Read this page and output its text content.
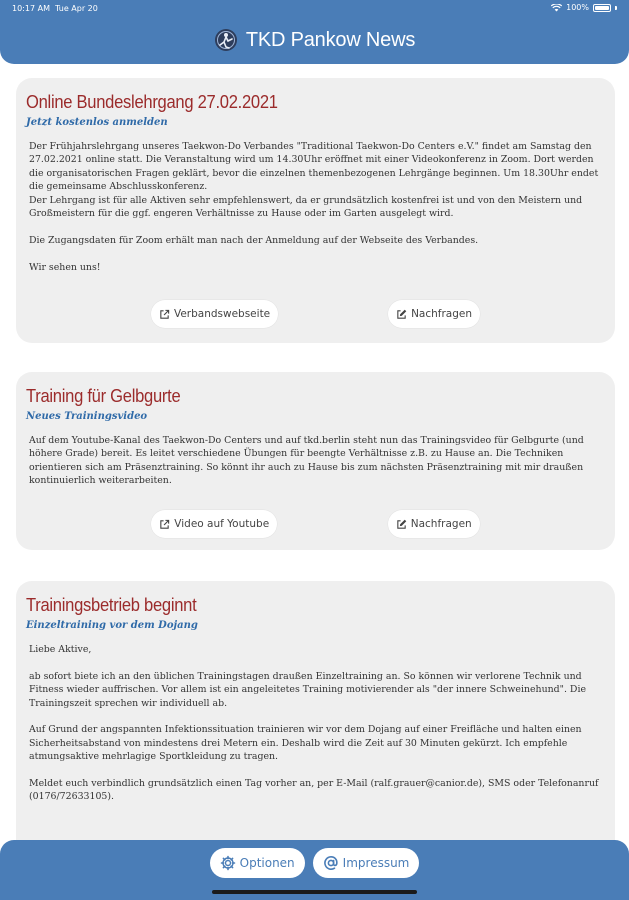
10:17 AM Tue Apr 20	100%
TKD Pankow News
Online Bundeslehrgang 27.02.2021
Jetzt kostenlos anmelden

Der Frühjahrslehrgang unseres Taekwon-Do Verbandes "Traditional Taekwon-Do Centers e.V." findet am Samstag den 27.02.2021 online statt. Die Veranstaltung wird um 14.30Uhr eröffnet mit einer Videokonferenz in Zoom. Dort werden die organisatorischen Fragen geklärt, bevor die einzelnen themenbezogenen Lehrgänge beginnen. Um 18.30Uhr endet die gemeinsame Abschlusskonferenz.
Der Lehrgang ist für alle Aktiven sehr empfehlenswert, da er grundsätzlich kostenfrei ist und von den Meistern und Großmeistern für die ggf. engeren Verhältnisse zu Hause oder im Garten ausgelegt wird.

Die Zugangsdaten für Zoom erhält man nach der Anmeldung auf der Webseite des Verbandes.

Wir sehen uns!

Verbandswebseite	Nachfragen
Training für Gelbgurte
Neues Trainingsvideo

Auf dem Youtube-Kanal des Taekwon-Do Centers und auf tkd.berlin steht nun das Trainingsvideo für Gelbgurte (und höhere Grade) bereit. Es leitet verschiedene Übungen für beengte Verhältnisse z.B. zu Hause an. Die Techniken orientieren sich am Präsenztraining. So könnt ihr auch zu Hause bis zum nächsten Präsenztraining mit mir draußen kontinuierlich weiterarbeiten.

Video auf Youtube	Nachfragen
Trainingsbetrieb beginnt
Einzeltraining vor dem Dojang

Liebe Aktive,

ab sofort biete ich an den üblichen Trainingstagen draußen Einzeltraining an. So können wir verlorene Technik und Fitness wieder auffrischen. Vor allem ist ein angeleitetes Training motivierender als "der innere Schweinehund". Die Trainingszeit sprechen wir individuell ab.

Auf Grund der angspannten Infektionssituation trainieren wir vor dem Dojang auf einer Freifläche und halten einen Sicherheitsabstand von mindestens drei Metern ein. Deshalb wird die Zeit auf 30 Minuten gekürzt. Ich empfehle atmungsaktive mehrlagige Sportkleidung zu tragen.

Meldet euch verbindlich grundsätzlich einen Tag vorher an, per E-Mail (ralf.grauer@canior.de), SMS oder Telefonanruf (0176/72633105).

Optionen	Impressum
